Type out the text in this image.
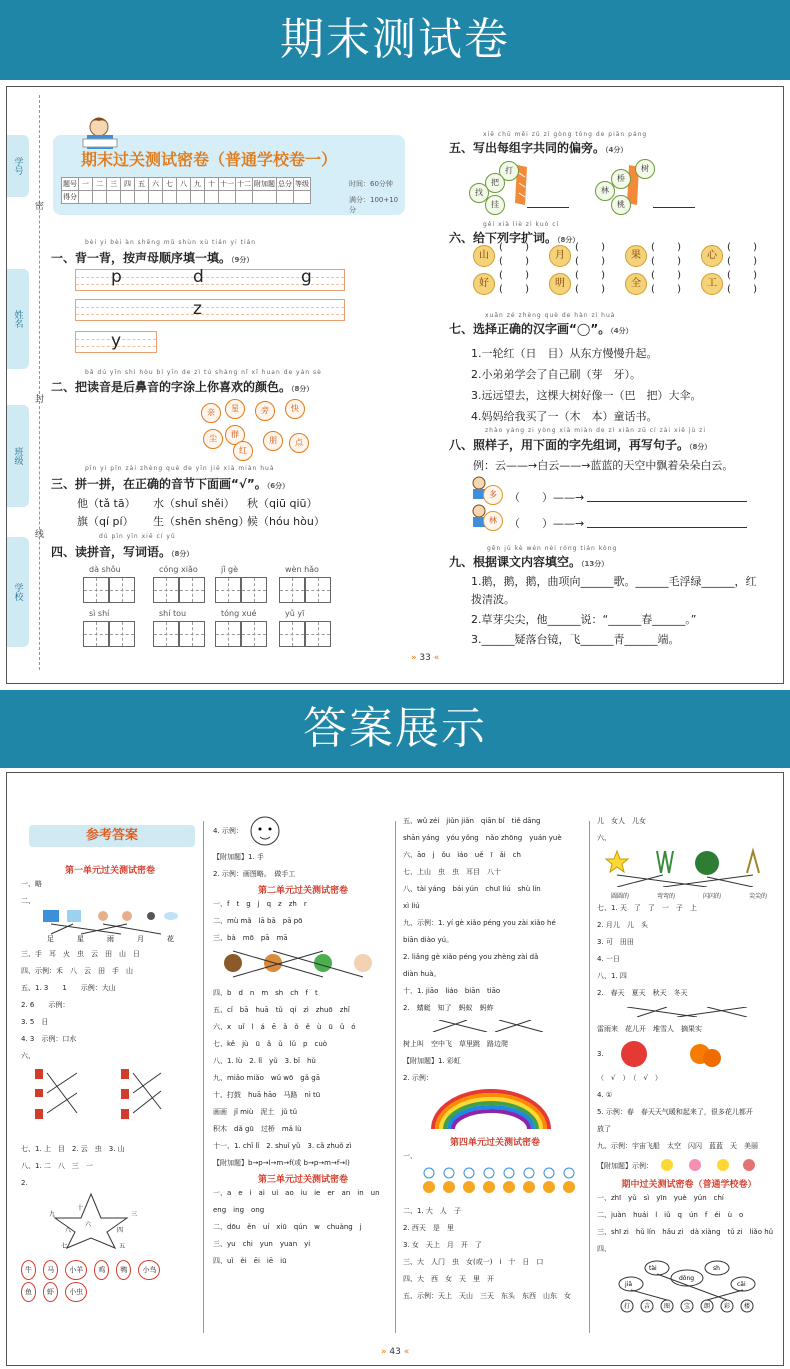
期末测试卷
学号
姓名
班级
学校
密
封
线
期末过关测试密卷（普通学校卷一）
题号	一	二	三	四	五	六	七	八	九	十	十一	十二	附加题	总分	等级
得分															
时间：60分钟
满分：100+10分
bèi yi bèi àn shēng mǔ shùn xù tián yi tián
一、背一背，按声母顺序填一填。（9分）
p	d	g
z
y
bǎ dú yīn shì hòu bí yīn de zì tú shàng nǐ xǐ huan de yán sè
二、把读音是后鼻音的字涂上你喜欢的颜色。（8分）
亲	星
群
旁	快
尘
红
朋	点
pīn yi pīn zài zhèng què de yīn jié xià miàn huà
三、拼一拼，在正确的音节下面画“√”。（6分）
他（tǎ tā） 水（shuǐ shěi） 秋（qiū qiū）
旗（qí pí） 生（shēn shēng）
候（hóu hòu）
dú pīn yīn xiě cí yǔ
四、读拼音，写词语。（8分）
xiě chū měi zǔ zì gòng tóng de piān páng
五、写出每组字共同的偏旁。（4分）
打
把
找
挂
树
桥
林
桃
gěi xià liè zì kuò cí
六、给下列字扩词。（8分）
xuǎn zé zhèng què de hàn zì huà
七、选择正确的汉字画“◯”。（4分）
1.一轮红（日　目）从东方慢慢升起。
2.小弟弟学会了自己刷（芽　牙）。
3.远远望去，这棵大树好像一（巴　把）大伞。
4.妈妈给我买了一（木　本）童话书。
zhào yàng zi yòng xià miàn de zì xiān zǔ cí zài xiě jù zi
八、照样子，用下面的字先组词，再写句子。（8分）
例：云——→白云——→蓝蓝的天空中飘着朵朵白云。
多
林
（　　）——→
（　　）——→
gēn jù kè wén nèi róng tián kòng
九、根据课文内容填空。（13分）
1.鹅，鹅，鹅，曲项向______歌。______毛浮绿______，红
拨清波。
2.草芽尖尖，他______说：“______春______。”
3.______疑落台镜，飞______青______端。
» 33 «
dà shǒu	cóng xiǎo	jǐ gè	wèn hǎo
sì shí	shí tou	tóng xué	yǔ yī
山
(       )
(       )
月
(       )
(       )
果
(       )
(       )
心
(       )
(       )
好
(       )
(       )
明
(       )
(       )
全
(       )
(       )
工
(       )
(       )
答案展示
参考答案
第一单元过关测试密卷
一、略
二、
足	星	雨	月	花
三、手　耳　火　虫　云　田　山　日
四、示例：禾　八　云　田　手　山
五、1. 3　　1　　示例：大山
2. 6　　示例：
3. 5　日
4. 3　示例：口水
六、
七、1. 上　目　2. 云　虫　3. 山
八、1. 二　八　三　一
2.
九
十
三
八	四
六
七	五
牛 马 小羊 鸡 鸭 小鸟
鱼 虾 小虫
4. 示例：
【附加题】1. 手
2. 示例：画图略。　做手工
第二单元过关测试密卷
一、f　t　g　j　q　z　zh　r
二、mù mǎ　lā bā　pā pō
三、bà　mō　pā　mā
四、b　d　n　m　sh　ch　f　t
五、cǐ　bā　huā　tǔ　qí　zì　zhuō　zhǐ
六、x　uǐ　l　á　ē　ǎ　ǒ　ě　ù　ū　ǔ　ó
七、kě　jù　ū　ǎ　ǔ　lǔ　p　cuò
八、1. lù　2. lǐ　yǔ　3. bǐ　hǔ
九、miǎo miǎo　wǔ wō　gǎ gā
十、打鼓　huā hāo　马路　nì tū
画画　jǐ miù　泥土　jǔ tǔ
积木　dǎ gū　过桥　mǎ lù
十一、1. chǐ lǐ　2. shuǐ yǔ　3. cǎ zhuǒ zì
【附加题】b→p→l→m→f(或 b→p→m→f→l)
第三单元过关测试密卷
一、a　e　i　ai　ui　ao　iu　ie　er　an　in　un
eng　ing　ong
二、dōu　ěn　uí　xiū　qún　w　chuàng　j
三、yu　chi　yun　yuan　yi
四、uǐ　ěi　ēi　iē　iū
五、wǔ zéi　jiǔn jiǎn　qiān bǐ　tiě dāng
shān yáng　yóu yǒng　nǎo zhōng　yuán yuè
六、āo　j　ǒu　iáo　uě　ī　ǎi　ch
七、上山　虫　虫　耳目　八十
八、tài yáng　bái yún　chuī liú　shù lín
xì liú
九、示例：1. yí gè xiǎo péng you zài xiǎo hé
biān diào yú。
2. liǎng gè xiǎo péng you zhèng zài dǎ
diàn huà。
十、1. jiāo　liáo　biān　tiāo
2.　蜻蜓　知了　蚂蚁　蚂蚱
树上叫　空中飞　草里跳　路边爬
【附加题】1. 彩虹
2. 示例：
第四单元过关测试密卷
一、
二、1. 大　人　子
2. 西天　是　里
3. 女　天上　月　开　了
三、大　人门　虫　女(或一)　i　十　日　口
四、大　西　女　天　里　开
五、示例：天上　天山　三天　东头　东西　山东　女
儿　女人　儿女
六、
圆圆的	弯弯的	闪闪的	尖尖的
七、1. 天　了　了　一　子　上
2. 月儿　儿　头
3. 可　田田
4. 一日
八、1. 四
2.　春天　夏天　秋天　冬天
雷雨来　花儿开　堆雪人　摘果实
3.
（　√　）　（　√　）
4. ①
5. 示例：春　春天天气暖和起来了，很多花儿都开
放了
九、示例：宇宙飞船　太空　闪闪　蓝蓝　天　美丽
【附加题】示例：
期中过关测试密卷（普通学校卷）
一、zhī　yǔ　sì　yīn　yuè　yún　chí
二、juàn　huái　l　iǔ　q　ún　f　éi　ù　o
三、shī zi　hǔ lín　hǎu zi　dà xiàng　tǔ zi　liǎo hǔ
四、
tài
dōng
sh
jiā	căi
打 吉 图 宝 朗 彩 楼
» 43 «
